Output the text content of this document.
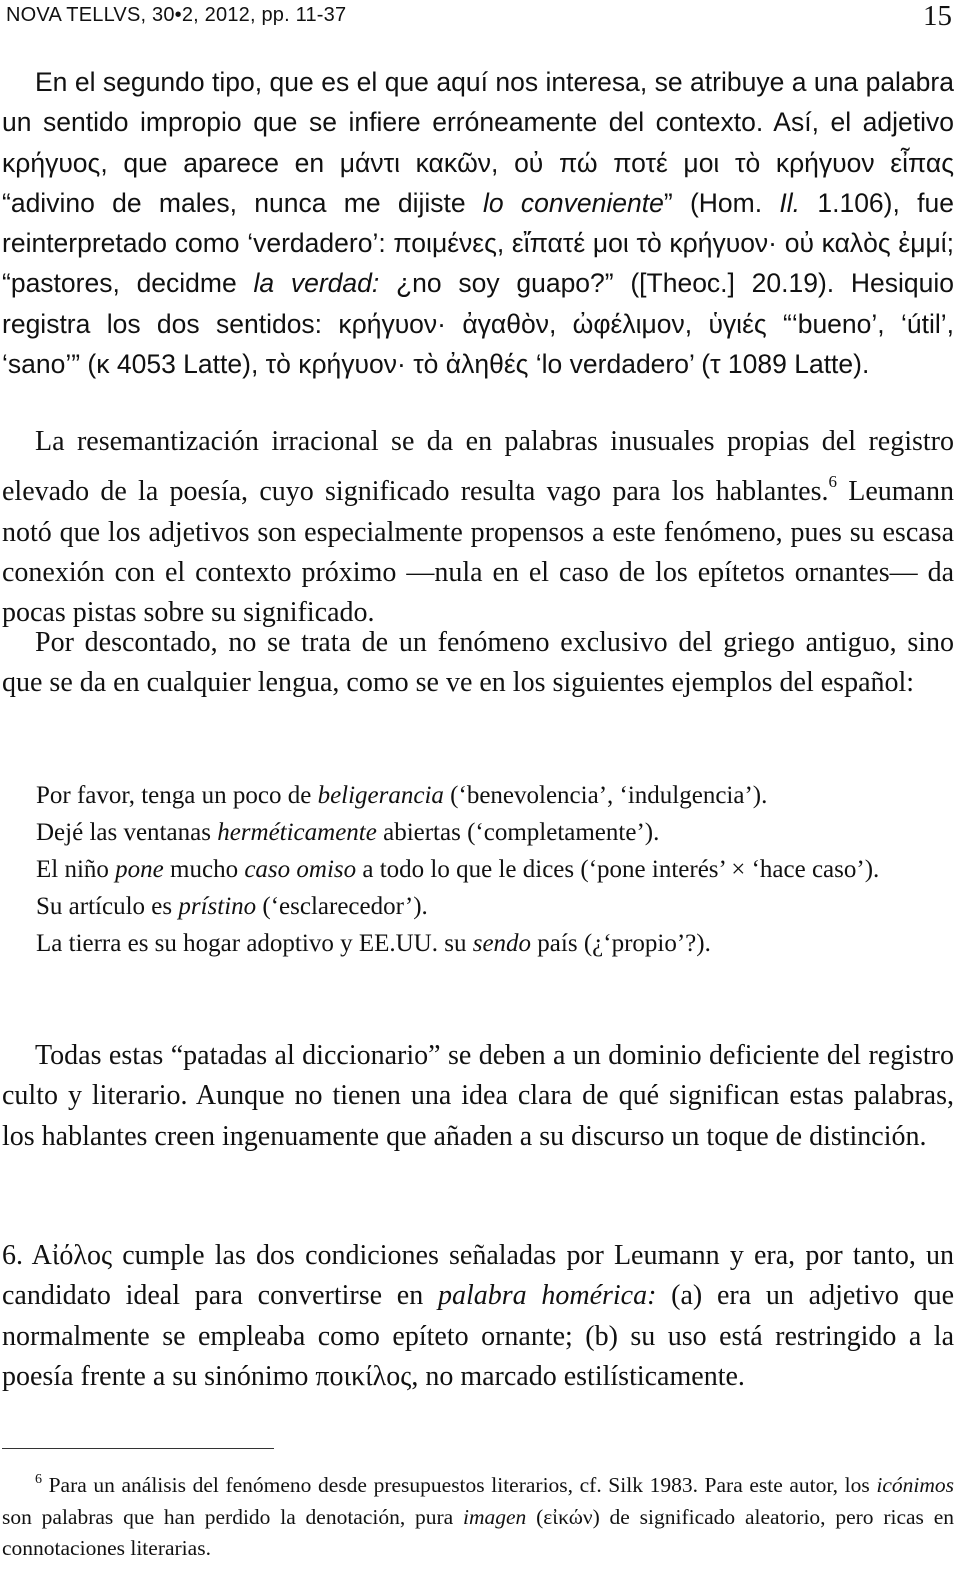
NOVA TELLVS, 30•2, 2012, pp. 11-37	15

En el segundo tipo, que es el que aquí nos interesa, se atribuye a una palabra un sentido impropio que se infiere erróneamente del contexto. Así, el adjetivo κρήγυος, que aparece en μάντι κακῶν, οὐ πώ ποτέ μοι τὸ κρήγυον εἶπας “adivino de males, nunca me dijiste lo conveniente” (Hom. Il. 1.106), fue reinterpretado como ‘verdadero’: ποιμένες, εἴπατέ μοι τὸ κρήγυον· οὐ καλὸς ἐμμί; “pastores, decidme la verdad: ¿no soy guapo?” ([Theoc.] 20.19). Hesiquio registra los dos sentidos: κρήγυον· ἀγαθὸν, ὠφέλιμον, ὑγιές “‘bueno’, ‘útil’, ‘sano’” (κ 4053 Latte), τὸ κρήγυον· τὸ ἀληθές ‘lo verdadero’ (τ 1089 Latte).

La resemantización irracional se da en palabras inusuales propias del registro elevado de la poesía, cuyo significado resulta vago para los hablantes.$^6$ Leumann notó que los adjetivos son especialmente propensos a este fenómeno, pues su escasa conexión con el contexto próximo —nula en el caso de los epítetos ornantes— da pocas pistas sobre su significado.

Por descontado, no se trata de un fenómeno exclusivo del griego antiguo, sino que se da en cualquier lengua, como se ve en los siguientes ejemplos del español:

Por favor, tenga un poco de beligerancia (‘benevolencia’, ‘indulgencia’).
Dejé las ventanas herméticamente abiertas (‘completamente’).
El niño pone mucho caso omiso a todo lo que le dices (‘pone interés’ × ‘hace caso’).
Su artículo es prístino (‘esclarecedor’).
La tierra es su hogar adoptivo y EE.UU. su sendo país (¿‘propio’?).

Todas estas “patadas al diccionario” se deben a un dominio deficiente del registro culto y literario. Aunque no tienen una idea clara de qué significan estas palabras, los hablantes creen ingenuamente que añaden a su discurso un toque de distinción.

6. Αἰόλος cumple las dos condiciones señaladas por Leumann y era, por tanto, un candidato ideal para convertirse en palabra homérica: (a) era un adjetivo que normalmente se empleaba como epíteto ornante; (b) su uso está restringido a la poesía frente a su sinónimo ποικίλος, no marcado estilísticamente.

$^6$ Para un análisis del fenómeno desde presupuestos literarios, cf. Silk 1983. Para este autor, los icónimos son palabras que han perdido la denotación, pura imagen (εἰκών) de significado aleatorio, pero ricas en connotaciones literarias.
